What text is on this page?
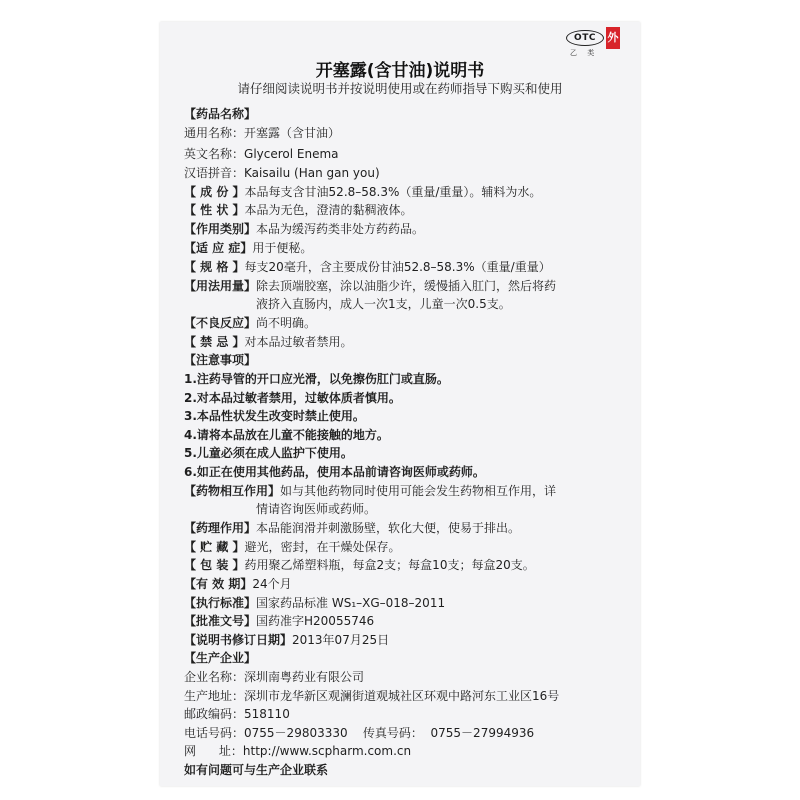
OTC	外
乙 类
开塞露(含甘油)说明书
请仔细阅读说明书并按说明使用或在药师指导下购买和使用
【药品名称】
通用名称：开塞露（含甘油）
英文名称：Glycerol Enema
汉语拼音：Kaisailu (Han gan you)
【 成 份 】本品每支含甘油52.8–58.3%（重量/重量）。辅料为水。
【 性 状 】本品为无色，澄清的黏稠液体。
【作用类别】本品为缓泻药类非处方药药品。
【适 应 症】用于便秘。
【 规 格 】每支20毫升，含主要成份甘油52.8–58.3%（重量/重量）
【用法用量】除去顶端胶塞，涂以油脂少许，缓慢插入肛门，然后将药
液挤入直肠内，成人一次1支，儿童一次0.5支。
【不良反应】尚不明确。
【 禁 忌 】对本品过敏者禁用。
【注意事项】
1.注药导管的开口应光滑，以免擦伤肛门或直肠。
2.对本品过敏者禁用，过敏体质者慎用。
3.本品性状发生改变时禁止使用。
4.请将本品放在儿童不能接触的地方。
5.儿童必须在成人监护下使用。
6.如正在使用其他药品，使用本品前请咨询医师或药师。
【药物相互作用】如与其他药物同时使用可能会发生药物相互作用，详
情请咨询医师或药师。
【药理作用】本品能润滑并刺激肠壁，软化大便，使易于排出。
【 贮 藏 】避光，密封，在干燥处保存。
【 包 装 】药用聚乙烯塑料瓶，每盒2支；每盒10支；每盒20支。
【有 效 期】24个月
【执行标准】国家药品标准 WS₁–XG–018–2011
【批准文号】国药准字H20055746
【说明书修订日期】2013年07月25日
【生产企业】
企业名称：深圳南粤药业有限公司
生产地址：深圳市龙华新区观澜街道观城社区环观中路河东工业区16号
邮政编码：518110
电话号码：0755－29803330    传真号码：  0755－27994936
网      址：http://www.scpharm.com.cn
如有问题可与生产企业联系
